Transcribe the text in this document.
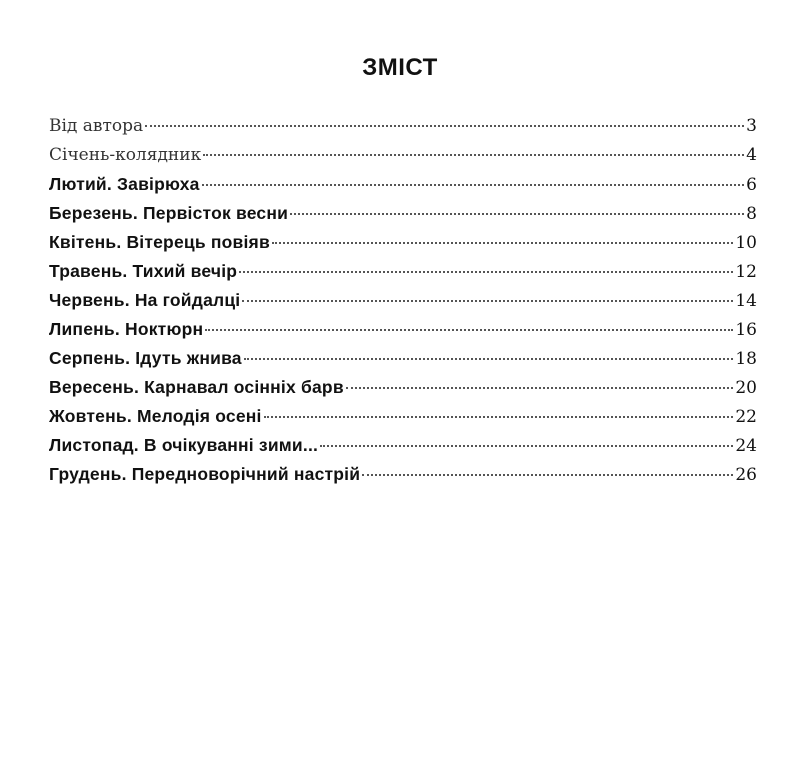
ЗМІСТ
Від автора	3
Січень-колядник	4
Лютий. Завірюха	6
Березень. Первісток весни	8
Квітень. Вітерець повіяв	10
Травень. Тихий вечір	12
Червень. На гойдалці	14
Липень. Ноктюрн	16
Серпень. Ідуть жнива	18
Вересень. Карнавал осінніх барв	20
Жовтень. Мелодія осені	22
Листопад. В очікуванні зими...	24
Грудень. Передноворічний настрій	26
